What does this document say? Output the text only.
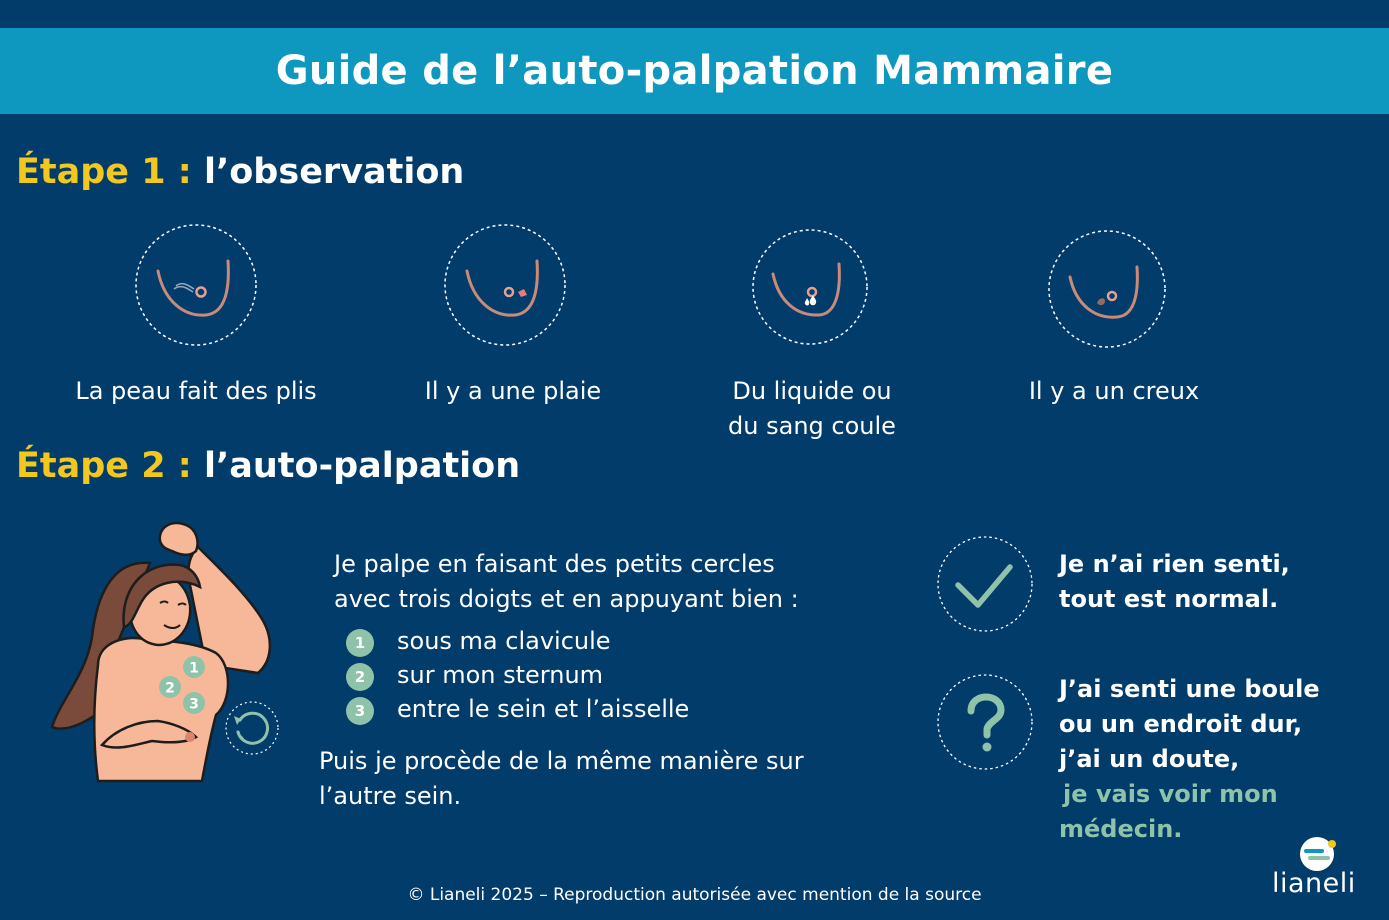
Guide de l’auto-palpation Mammaire
Étape 1 : l’observation
La peau fait des plis	Il y a une plaie	Du liquide ou
du sang coule
Il y a un creux
Étape 2 : l’auto-palpation
1
2
3
Je palpe en faisant des petits cercles
avec trois doigts et en appuyant bien :
1	sous ma clavicule
2	sur mon sternum
3	entre le sein et l’aisselle
Puis je procède de la même manière sur
l’autre sein.
Je n’ai rien senti,
tout est normal.
J’ai senti une boule
ou un endroit dur,
j’ai un doute,
je vais voir mon
médecin.
© Lianeli 2025 – Reproduction autorisée avec mention de la source	lianeli
